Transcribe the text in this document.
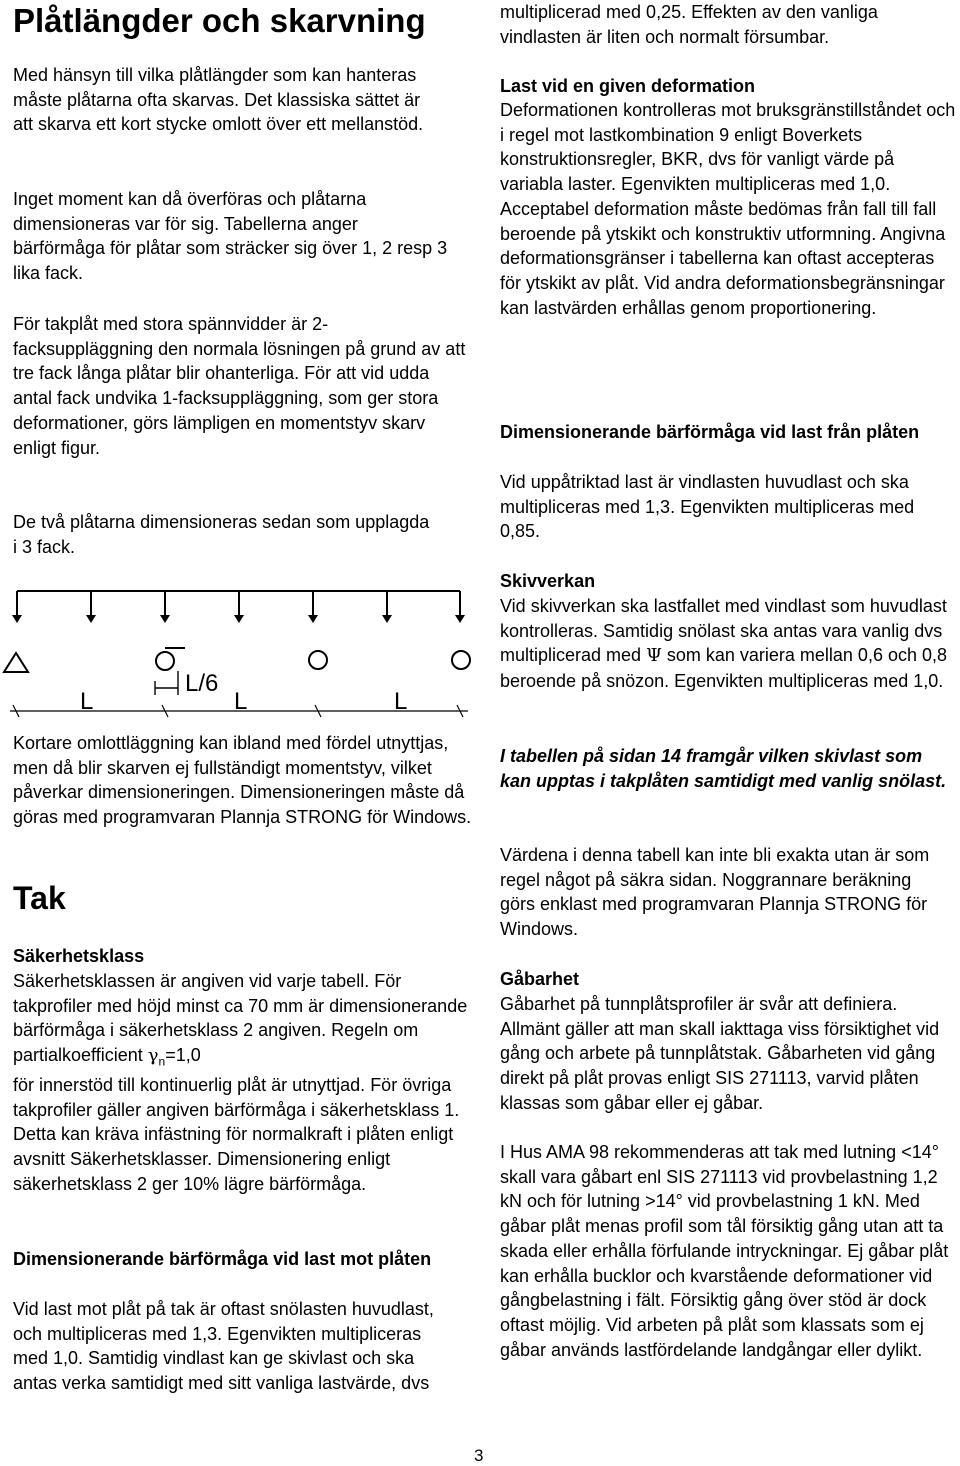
Plåtlängder och skarvning

Med hänsyn till vilka plåtlängder som kan hanteras måste plåtarna ofta skarvas. Det klassiska sättet är att skarva ett kort stycke omlott över ett mellanstöd.

Inget moment kan då överföras och plåtarna dimensioneras var för sig. Tabellerna anger bärförmåga för plåtar som sträcker sig över 1, 2 resp 3 lika fack.

För takplåt med stora spännvidder är 2-facksuppläggning den normala lösningen på grund av att tre fack långa plåtar blir ohanterliga. För att vid udda antal fack undvika 1-facksuppläggning, som ger stora deformationer, görs lämpligen en momentstyv skarv enligt figur.

De två plåtarna dimensioneras sedan som upplagda i 3 fack.

Kortare omlottläggning kan ibland med fördel utnyttjas, men då blir skarven ej fullständigt momentstyv, vilket påverkar dimensioneringen. Dimensioneringen måste då göras med programvaran Plannja STRONG för Windows.

Tak
Säkerhetsklass

Säkerhetsklassen är angiven vid varje tabell. För takprofiler med höjd minst ca 70 mm är dimensionerande bärförmåga i säkerhetsklass 2 angiven. Regeln om partialkoefficient $\gamma_n=1,0$

för innerstöd till kontinuerlig plåt är utnyttjad. För övriga takprofiler gäller angiven bärförmåga i säkerhetsklass 1. Detta kan kräva infästning för normalkraft i plåten enligt avsnitt Säkerhetsklasser. Dimensionering enligt säkerhetsklass 2 ger 10% lägre bärförmåga.

Dimensionerande bärförmåga vid last mot plåten

Vid last mot plåt på tak är oftast snölasten huvudlast, och multipliceras med 1,3. Egenvikten multipliceras med 1,0. Samtidig vindlast kan ge skivlast och ska antas verka samtidigt med sitt vanliga lastvärde, dvs

L
L/6
L	L

multiplicerad med 0,25. Effekten av den vanliga vindlasten är liten och normalt försumbar.

Last vid en given deformation

Deformationen kontrolleras mot bruksgränstillståndet och i regel mot lastkombination 9 enligt Boverkets konstruktionsregler, BKR, dvs för vanligt värde på variabla laster. Egenvikten multipliceras med 1,0. Acceptabel deformation måste bedömas från fall till fall beroende på ytskikt och konstruktiv utformning. Angivna deformationsgränser i tabellerna kan oftast accepteras för ytskikt av plåt. Vid andra deformationsbegränsningar kan lastvärden erhållas genom proportionering.

Dimensionerande bärförmåga vid last från plåten

Vid uppåtriktad last är vindlasten huvudlast och ska multipliceras med 1,3. Egenvikten multipliceras med 0,85.

Skivverkan

Vid skivverkan ska lastfallet med vindlast som huvudlast kontrolleras. Samtidig snölast ska antas vara vanlig dvs multiplicerad med Ψ som kan variera mellan 0,6 och 0,8 beroende på snözon. Egenvikten multipliceras med 1,0.

I tabellen på sidan 14 framgår vilken skivlast som kan upptas i takplåten samtidigt med vanlig snölast.

Värdena i denna tabell kan inte bli exakta utan är som regel något på säkra sidan. Noggrannare beräkning görs enklast med programvaran Plannja STRONG för Windows.

Gåbarhet

Gåbarhet på tunnplåtsprofiler är svår att definiera. Allmänt gäller att man skall iakttaga viss försiktighet vid gång och arbete på tunnplåtstak. Gåbarheten vid gång direkt på plåt provas enligt SIS 271113, varvid plåten klassas som gåbar eller ej gåbar.

I Hus AMA 98 rekommenderas att tak med lutning <14° skall vara gåbart enl SIS 271113 vid provbelastning 1,2 kN och för lutning >14° vid provbelastning 1 kN. Med gåbar plåt menas profil som tål försiktig gång utan att ta skada eller erhålla förfulande intryckningar. Ej gåbar plåt kan erhålla bucklor och kvarstående deformationer vid gångbelastning i fält. Försiktig gång över stöd är dock oftast möjlig. Vid arbeten på plåt som klassats som ej gåbar används lastfördelande landgångar eller dylikt.

3
